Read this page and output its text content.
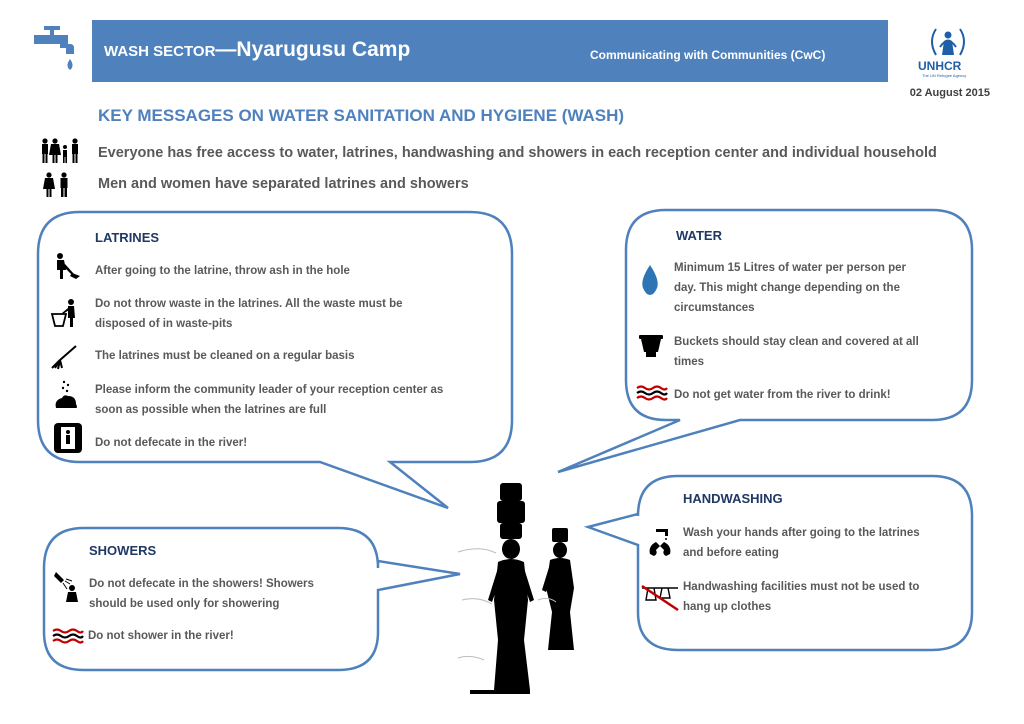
WASH SECTOR—Nyarugusu Camp	Communicating with Communities (CwC)
UNHCR
The UN Refugee Agency
02 August 2015
KEY MESSAGES ON WATER SANITATION AND HYGIENE (WASH)
Everyone has free access to water, latrines, handwashing and showers in each reception center and individual household
Men and women have separated latrines and showers
LATRINES
After going to the latrine, throw ash in the hole
Do not throw waste in the latrines. All the waste must be
disposed of in waste-pits
The latrines must be cleaned on a regular basis
Please inform the community leader of your reception center as
soon as possible when the latrines are full
Do not defecate in the river!
WATER
Minimum 15 Litres of water per person per
day. This might change depending on the
circumstances
Buckets should stay clean and covered at all
times
Do not get water from the river to drink!
HANDWASHING
Wash your hands after going to the latrines
and before eating
Handwashing facilities must not be used to
hang up clothes
SHOWERS
Do not defecate in the showers! Showers
should be used only for showering
Do not shower in the river!
